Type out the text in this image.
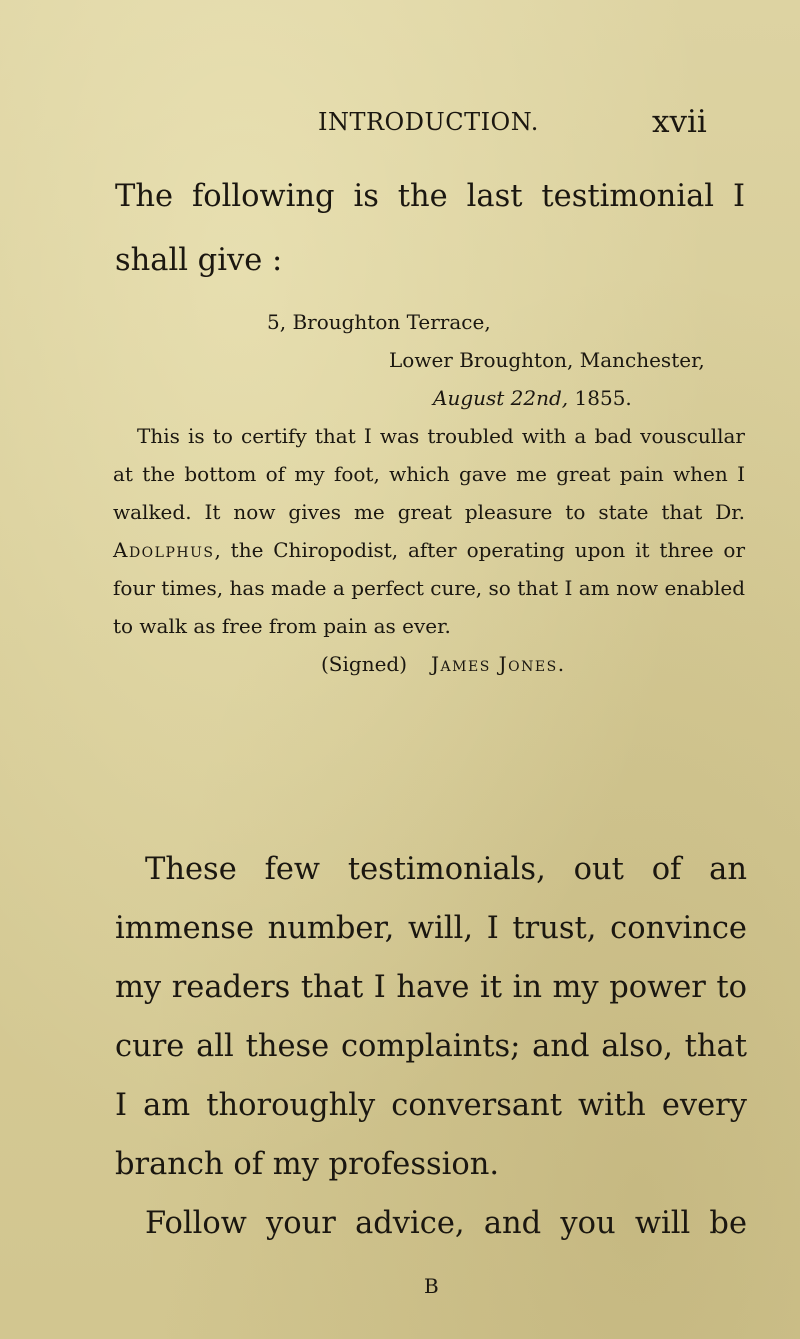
INTRODUCTION.	xvii
The following is the last testimonial I
shall give :
5, Broughton Terrace,
Lower Broughton, Manchester,
August 22nd, 1855.
This is to certify that I was troubled with a bad vouscullar at the bottom of my foot, which gave me great pain when I walked. It now gives me great pleasure to state that Dr. Adolphus, the Chiropodist, after operating upon it three or four times, has made a perfect cure, so that I am now enabled to walk as free from pain as ever.
(Signed) James Jones.
These few testimonials, out of an immense number, will, I trust, convince my readers that I have it in my power to cure all these complaints; and also, that I am thoroughly conversant with every branch of my profession.
Follow your advice, and you will be
B
